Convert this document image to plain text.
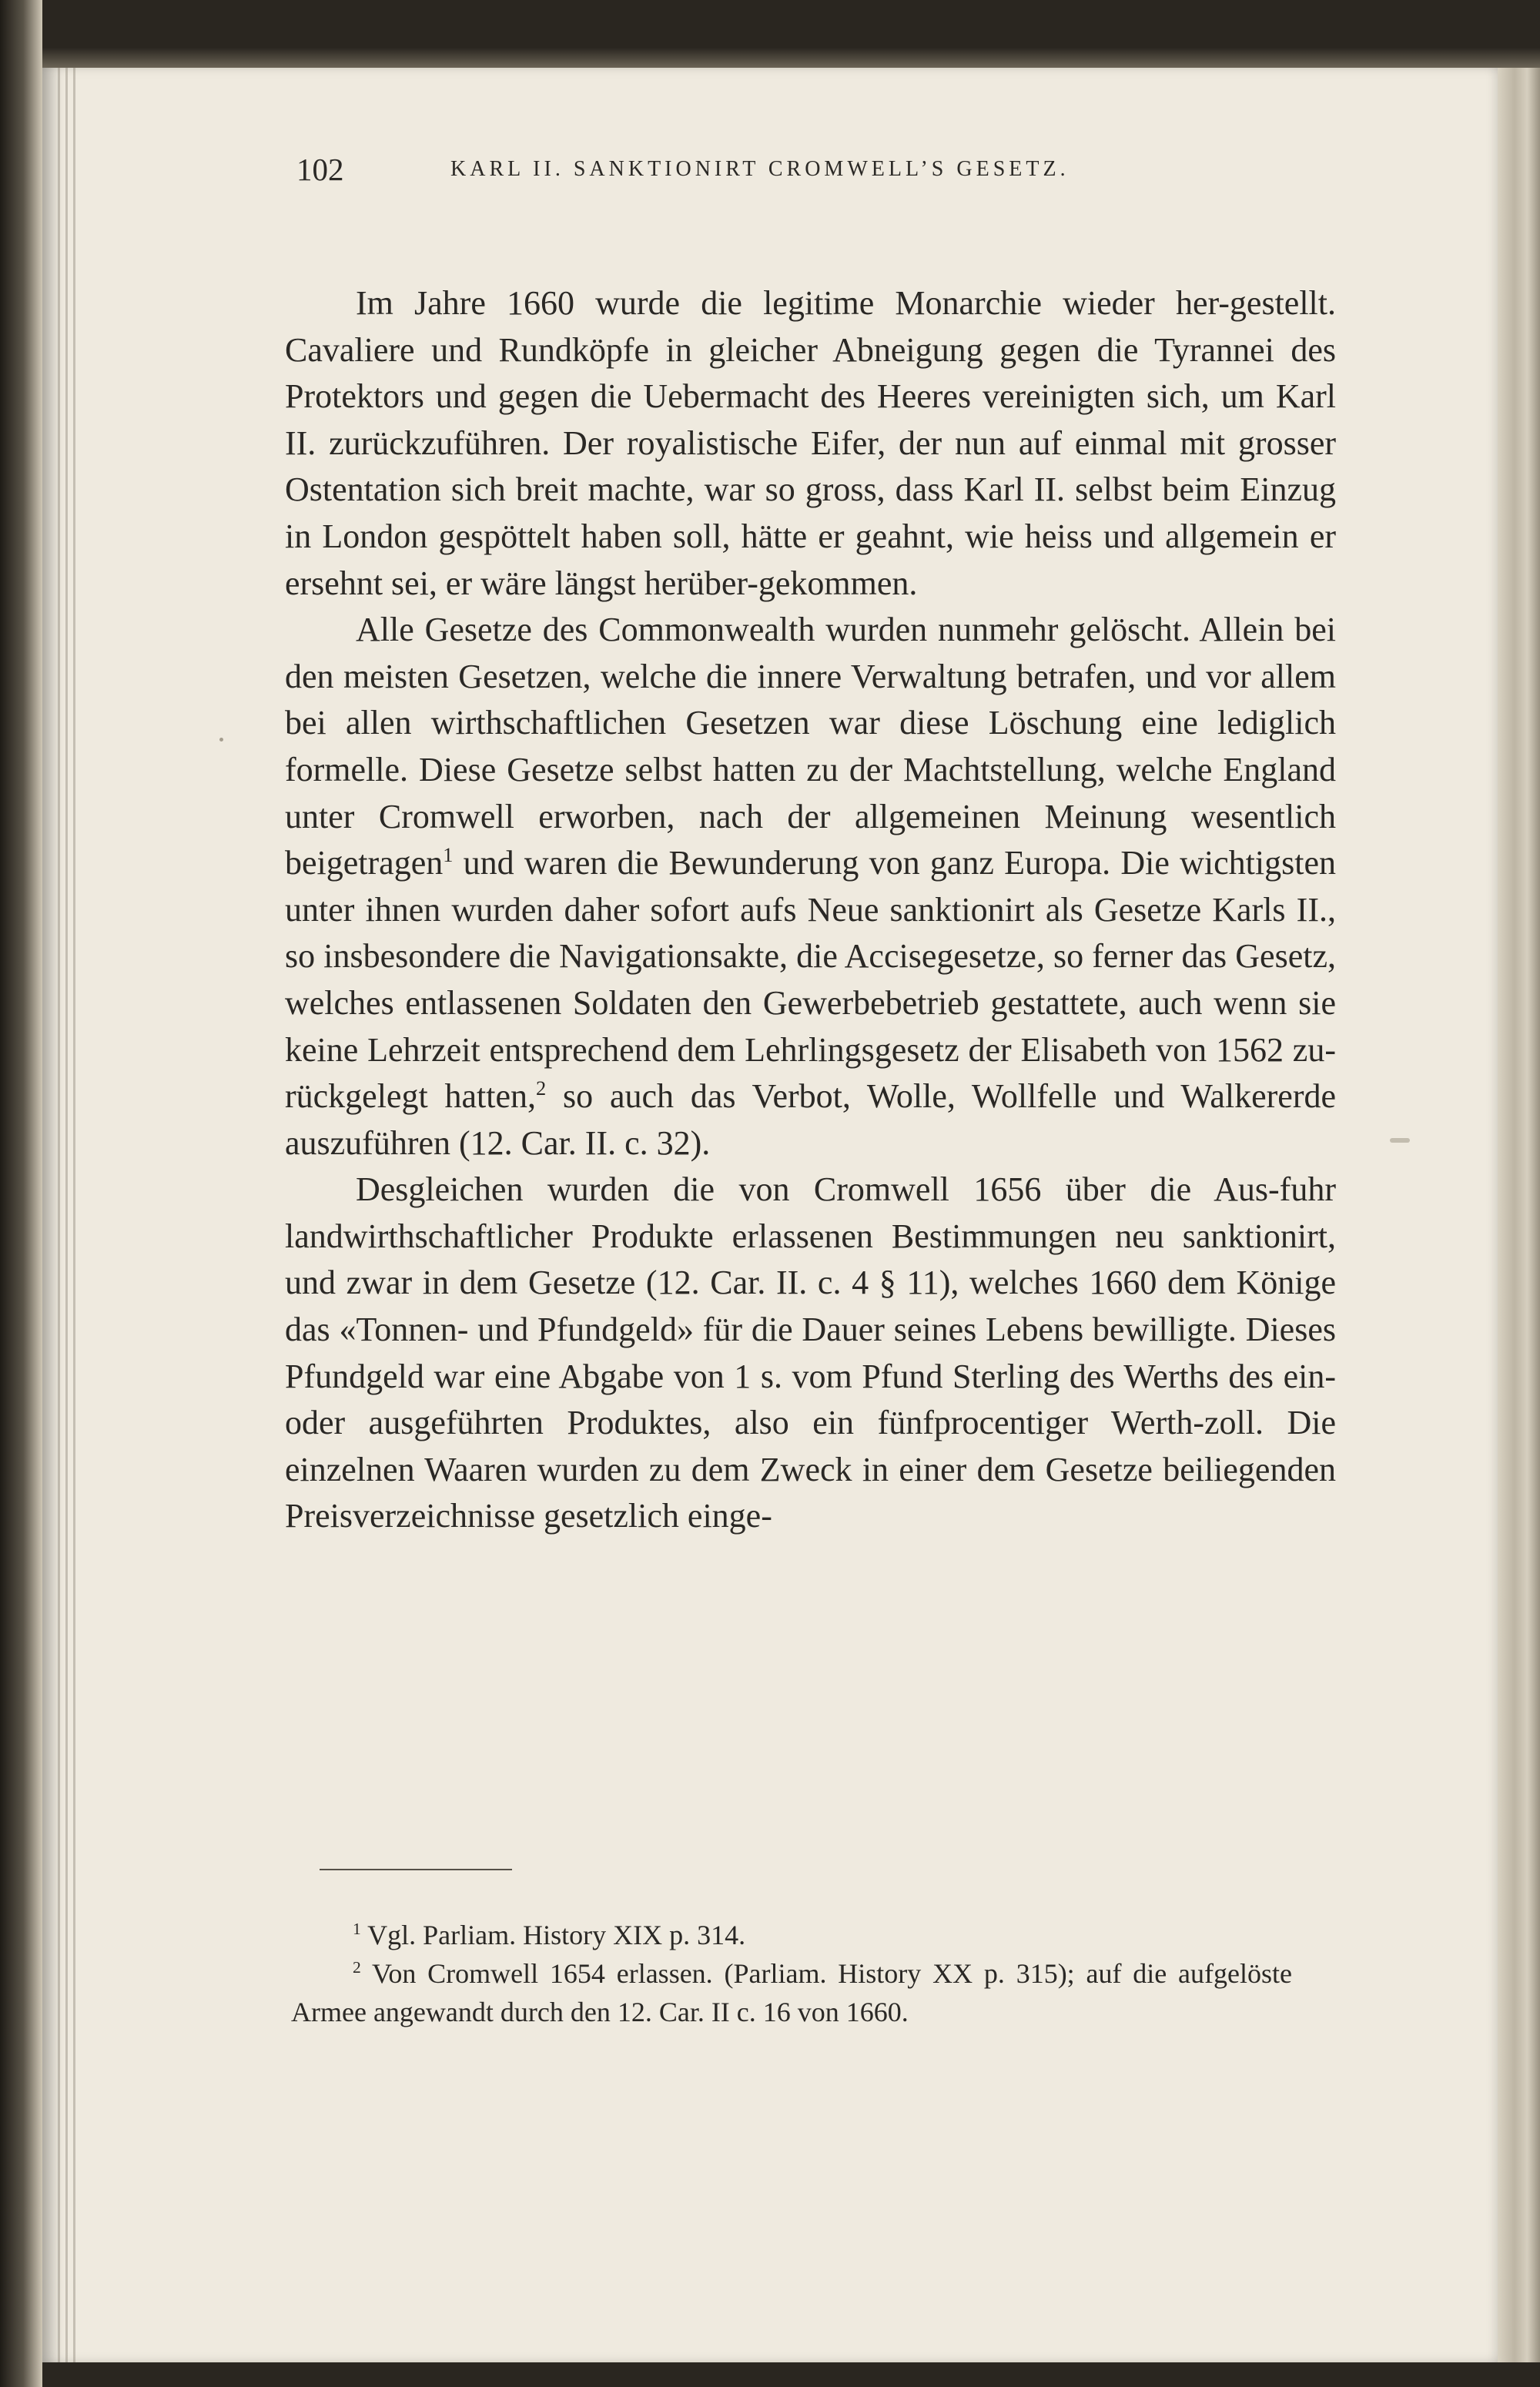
102	KARL II. SANKTIONIRT CROMWELL’S GESETZ.

Im Jahre 1660 wurde die legitime Monarchie wieder her-gestellt. Cavaliere und Rundköpfe in gleicher Abneigung gegen die Tyrannei des Protektors und gegen die Uebermacht des Heeres vereinigten sich, um Karl II. zurückzuführen. Der royalistische Eifer, der nun auf einmal mit grosser Ostentation sich breit machte, war so gross, dass Karl II. selbst beim Einzug in London gespöttelt haben soll, hätte er geahnt, wie heiss und allgemein er ersehnt sei, er wäre längst herüber-gekommen.

Alle Gesetze des Commonwealth wurden nunmehr gelöscht. Allein bei den meisten Gesetzen, welche die innere Verwaltung betrafen, und vor allem bei allen wirthschaftlichen Gesetzen war diese Löschung eine lediglich formelle. Diese Gesetze selbst hatten zu der Machtstellung, welche England unter Cromwell erworben, nach der allgemeinen Meinung wesentlich beigetragen$^1$ und waren die Bewunderung von ganz Europa. Die wichtigsten unter ihnen wurden daher sofort aufs Neue sanktionirt als Gesetze Karls II., so insbesondere die Navigationsakte, die Accisegesetze, so ferner das Gesetz, welches entlassenen Soldaten den Gewerbebetrieb gestattete, auch wenn sie keine Lehrzeit entsprechend dem Lehrlingsgesetz der Elisabeth von 1562 zu-rückgelegt hatten,$^2$ so auch das Verbot, Wolle, Wollfelle und Walkererde auszuführen (12. Car. II. c. 32).

Desgleichen wurden die von Cromwell 1656 über die Aus-fuhr landwirthschaftlicher Produkte erlassenen Bestimmungen neu sanktionirt, und zwar in dem Gesetze (12. Car. II. c. 4 § 11), welches 1660 dem Könige das «Tonnen- und Pfundgeld» für die Dauer seines Lebens bewilligte. Dieses Pfundgeld war eine Abgabe von 1 s. vom Pfund Sterling des Werths des ein- oder ausgeführten Produktes, also ein fünfprocentiger Werth-zoll. Die einzelnen Waaren wurden zu dem Zweck in einer dem Gesetze beiliegenden Preisverzeichnisse gesetzlich einge-

$^1$ Vgl. Parliam. History XIX p. 314.

$^2$ Von Cromwell 1654 erlassen. (Parliam. History XX p. 315); auf die aufgelöste Armee angewandt durch den 12. Car. II c. 16 von 1660.
